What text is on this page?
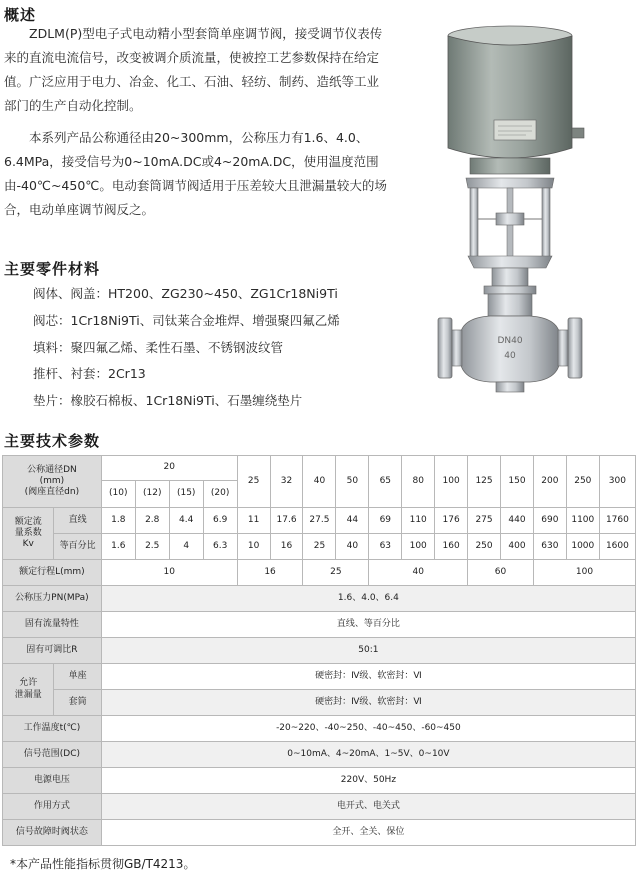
概述

ZDLM(P)型电子式电动精小型套筒单座调节阀，接受调节仪表传来的直流电流信号，改变被调介质流量，使被控工艺参数保持在给定值。广泛应用于电力、冶金、化工、石油、轻纺、制药、造纸等工业部门的生产自动化控制。

本系列产品公称通径由20~300mm，公称压力有1.6、4.0、6.4MPa，接受信号为0~10mA.DC或4~20mA.DC，使用温度范围由-40℃~450℃。电动套筒调节阀适用于压差较大且泄漏量较大的场合，电动单座调节阀反之。

DN40
40
主要零件材料
阀体、阀盖：HT200、ZG230~450、ZG1Cr18Ni9Ti
阀芯：1Cr18Ni9Ti、司钛莱合金堆焊、增强聚四氟乙烯
填料：聚四氟乙烯、柔性石墨、不锈钢波纹管
推杆、衬套：2Cr13
垫片：橡胶石棉板、1Cr18Ni9Ti、石墨缠绕垫片
主要技术参数
公称通径DN
(mm)
(阀座直径dn)		20				25	32	40	50	65	80	100	125	150	200	250	300
		(10)	(12)	(15)	(20)												

额定流
量系数
Kv	直线	1.8	2.8	4.4	6.9	11	17.6	27.5	44	69	110	176	275	440	690	1100	1760
	等百分比	1.6	2.5	4	6.3	10	16	25	40	63	100	160	250	400	630	1000	1600
额定行程L(mm)		10				16		25		40			60		100		
公称压力PN(MPa)		1.6、4.0、6.4															
固有流量特性		直线、等百分比															
固有可调比R		50:1															

允许
泄漏量	单座	硬密封：Ⅳ级、软密封：Ⅵ															
	套筒	硬密封：Ⅳ级、软密封：Ⅵ															
工作温度t(℃)		-20~220、-40~250、-40~450、-60~450															
信号范围(DC)		0~10mA、4~20mA、1~5V、0~10V															
电源电压		220V、50Hz															
作用方式		电开式、电关式															
信号故障时阀状态		全开、全关、保位															
*本产品性能指标贯彻GB/T4213。
